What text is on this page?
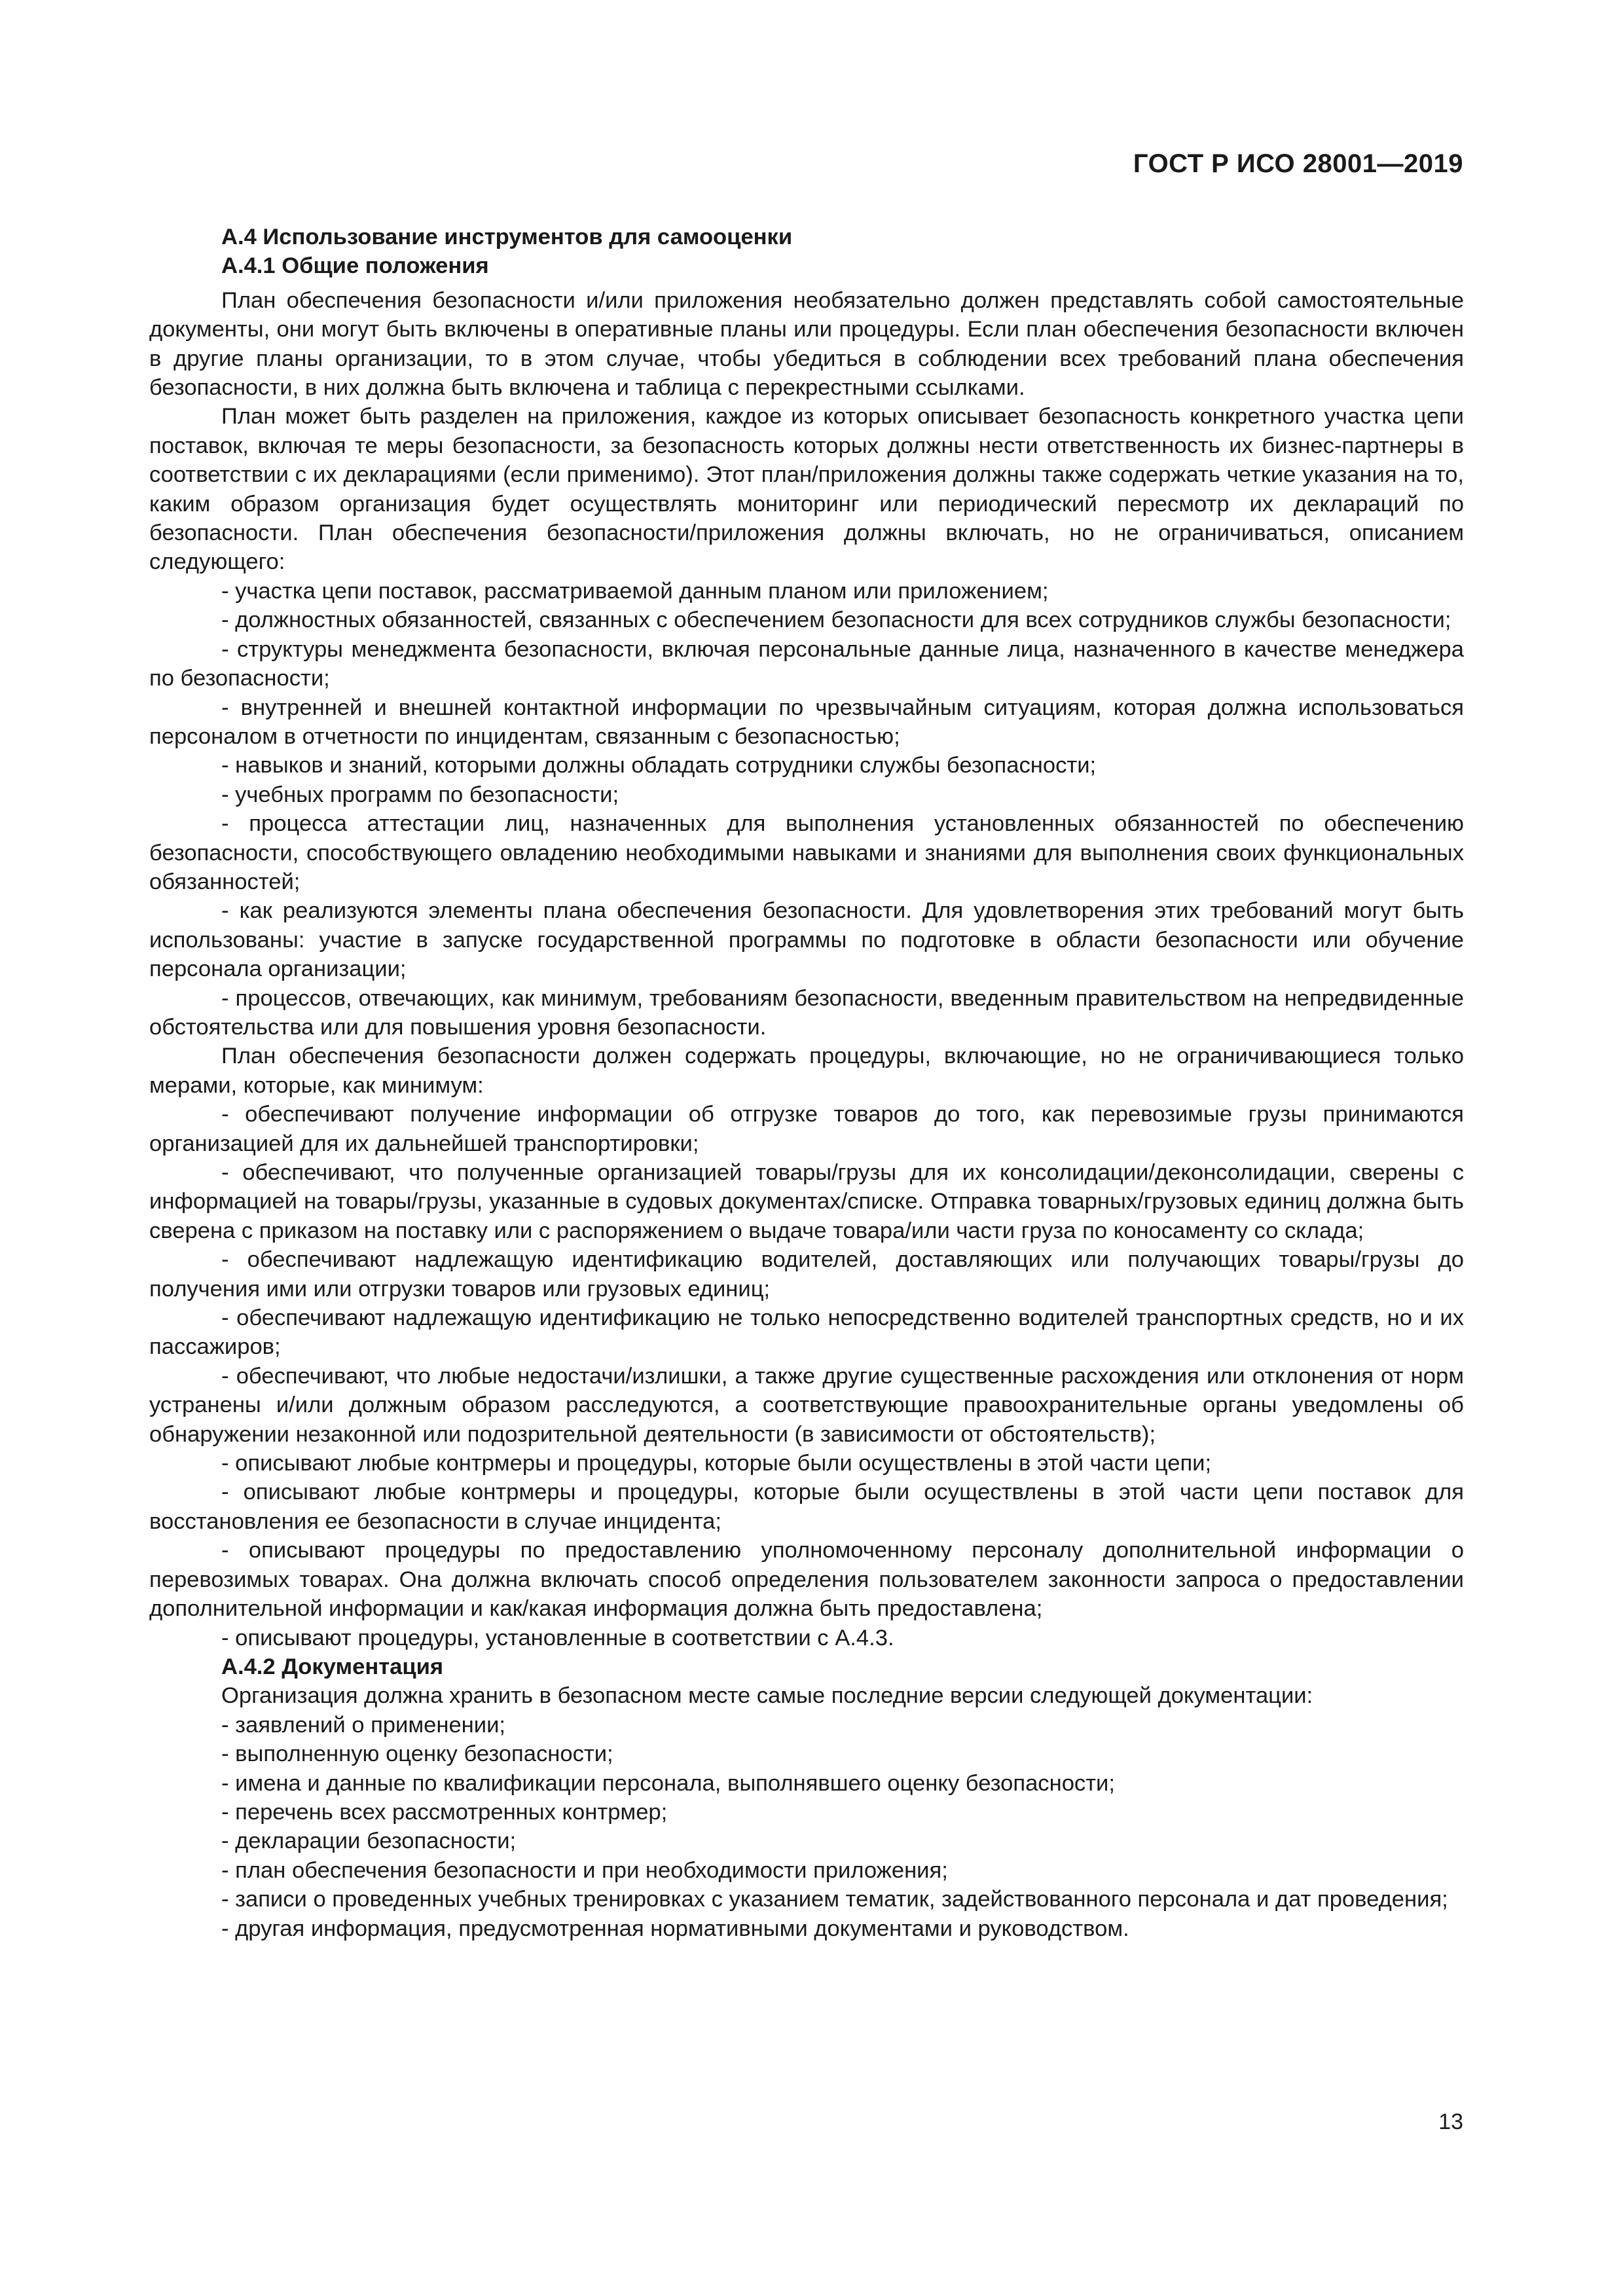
ГОСТ Р ИСО 28001—2019
А.4 Использование инструментов для самооценки
А.4.1 Общие положения

План обеспечения безопасности и/или приложения необязательно должен представлять собой самостоятельные документы, они могут быть включены в оперативные планы или процедуры. Если план обеспечения безопасности включен в другие планы организации, то в этом случае, чтобы убедиться в соблюдении всех требований плана обеспечения безопасности, в них должна быть включена и таблица с перекрестными ссылками.

План может быть разделен на приложения, каждое из которых описывает безопасность конкретного участка цепи поставок, включая те меры безопасности, за безопасность которых должны нести ответственность их бизнес-партнеры в соответствии с их декларациями (если применимо). Этот план/приложения должны также содержать четкие указания на то, каким образом организация будет осуществлять мониторинг или периодический пересмотр их деклараций по безопасности. План обеспечения безопасности/приложения должны включать, но не ограничиваться, описанием следующего:

- участка цепи поставок, рассматриваемой данным планом или приложением;

- должностных обязанностей, связанных с обеспечением безопасности для всех сотрудников службы безопасности;

- структуры менеджмента безопасности, включая персональные данные лица, назначенного в качестве менеджера по безопасности;

- внутренней и внешней контактной информации по чрезвычайным ситуациям, которая должна использоваться персоналом в отчетности по инцидентам, связанным с безопасностью;

- навыков и знаний, которыми должны обладать сотрудники службы безопасности;

- учебных программ по безопасности;

- процесса аттестации лиц, назначенных для выполнения установленных обязанностей по обеспечению безопасности, способствующего овладению необходимыми навыками и знаниями для выполнения своих функциональных обязанностей;

- как реализуются элементы плана обеспечения безопасности. Для удовлетворения этих требований могут быть использованы: участие в запуске государственной программы по подготовке в области безопасности или обучение персонала организации;

- процессов, отвечающих, как минимум, требованиям безопасности, введенным правительством на непредвиденные обстоятельства или для повышения уровня безопасности.

План обеспечения безопасности должен содержать процедуры, включающие, но не ограничивающиеся только мерами, которые, как минимум:

- обеспечивают получение информации об отгрузке товаров до того, как перевозимые грузы принимаются организацией для их дальнейшей транспортировки;

- обеспечивают, что полученные организацией товары/грузы для их консолидации/деконсолидации, сверены с информацией на товары/грузы, указанные в судовых документах/списке. Отправка товарных/грузовых единиц должна быть сверена с приказом на поставку или с распоряжением о выдаче товара/или части груза по коносаменту со склада;

- обеспечивают надлежащую идентификацию водителей, доставляющих или получающих товары/грузы до получения ими или отгрузки товаров или грузовых единиц;

- обеспечивают надлежащую идентификацию не только непосредственно водителей транспортных средств, но и их пассажиров;

- обеспечивают, что любые недостачи/излишки, а также другие существенные расхождения или отклонения от норм устранены и/или должным образом расследуются, а соответствующие правоохранительные органы уведомлены об обнаружении незаконной или подозрительной деятельности (в зависимости от обстоятельств);

- описывают любые контрмеры и процедуры, которые были осуществлены в этой части цепи;

- описывают любые контрмеры и процедуры, которые были осуществлены в этой части цепи поставок для восстановления ее безопасности в случае инцидента;

- описывают процедуры по предоставлению уполномоченному персоналу дополнительной информации о перевозимых товарах. Она должна включать способ определения пользователем законности запроса о предоставлении дополнительной информации и как/какая информация должна быть предоставлена;

- описывают процедуры, установленные в соответствии с А.4.3.

А.4.2 Документация

Организация должна хранить в безопасном месте самые последние версии следующей документации:

- заявлений о применении;

- выполненную оценку безопасности;

- имена и данные по квалификации персонала, выполнявшего оценку безопасности;

- перечень всех рассмотренных контрмер;

- декларации безопасности;

- план обеспечения безопасности и при необходимости приложения;

- записи о проведенных учебных тренировках с указанием тематик, задействованного персонала и дат проведения;

- другая информация, предусмотренная нормативными документами и руководством.

13
